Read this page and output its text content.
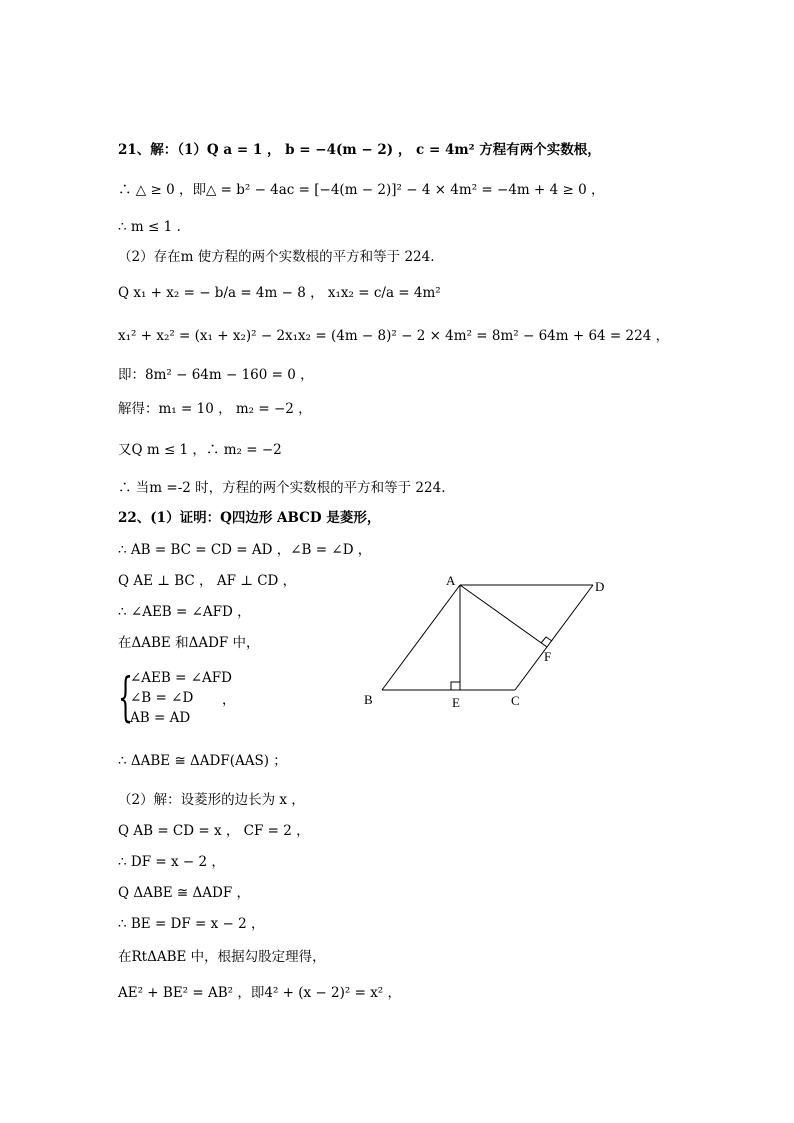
21、解：（1）Q a = 1 ， b = −4(m − 2) ， c = 4m² 方程有两个实数根，
∴ △ ≥ 0 ，即△ = b² − 4ac = [−4(m − 2)]² − 4 × 4m² = −4m + 4 ≥ 0 ，
∴ m ≤ 1 .
（2）存在m 使方程的两个实数根的平方和等于 224.
Q x₁ + x₂ = − b/a = 4m − 8 ， x₁x₂ = c/a = 4m²
x₁² + x₂² = (x₁ + x₂)² − 2x₁x₂ = (4m − 8)² − 2 × 4m² = 8m² − 64m + 64 = 224 ，
即：8m² − 64m − 160 = 0 ，
解得：m₁ = 10 ， m₂ = −2 ，
又Q m ≤ 1 ，∴ m₂ = −2
∴ 当m =-2 时，方程的两个实数根的平方和等于 224.
22、(1）证明：Q四边形 ABCD 是菱形，
∴ AB = BC = CD = AD ，∠B = ∠D ，
Q AE ⊥ BC ， AF ⊥ CD ，
∴ ∠AEB = ∠AFD ，
在ΔABE 和ΔADF 中，
{
∠AEB = ∠AFD
∠B = ∠D
AB = AD
，
∴ ΔABE ≅ ΔADF(AAS) ；
（2）解：设菱形的边长为 x ，
Q AB = CD = x ， CF = 2 ，
∴ DF = x − 2 ，
Q ΔABE ≅ ΔADF ，
∴ BE = DF = x − 2 ，
在RtΔABE 中，根据勾股定理得，
AE² + BE² = AB² ，即4² + (x − 2)² = x² ，
A
B	C
D
E
F
